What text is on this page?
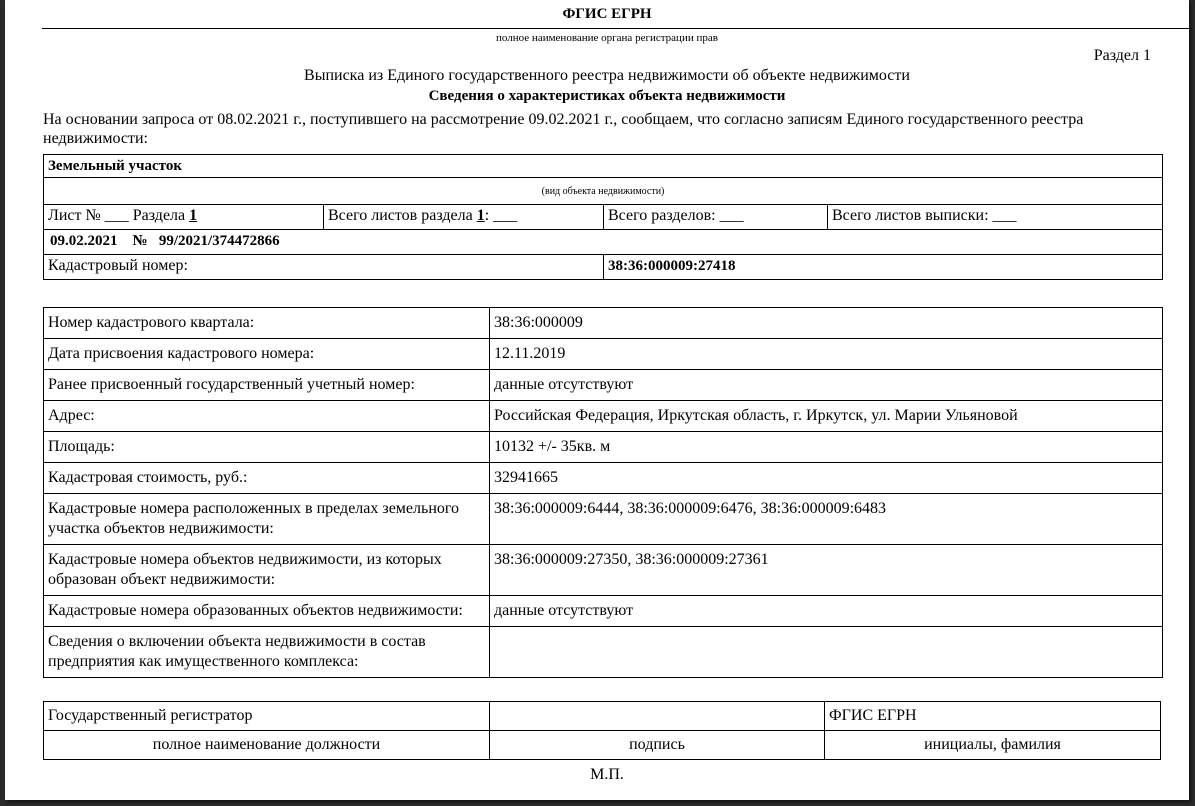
ФГИС ЕГРН
полное наименование органа регистрации прав
Раздел 1
Выписка из Единого государственного реестра недвижимости об объекте недвижимости
Сведения о характеристиках объекта недвижимости
На основании запроса от 08.02.2021 г., поступившего на рассмотрение 09.02.2021 г., сообщаем, что согласно записям Единого государственного реестра недвижимости:
Земельный участок			
(вид объекта недвижимости)			
Лист № ___ Раздела 1	Всего листов раздела 1: ___	Всего разделов: ___	Всего листов выписки: ___
09.02.2021 № 99/2021/374472866			
Кадастровый номер:		38:36:000009:27418	
Номер кадастрового квартала:	38:36:000009
Дата присвоения кадастрового номера:	12.11.2019
Ранее присвоенный государственный учетный номер:	данные отсутствуют
Адрес:	Российская Федерация, Иркутская область, г. Иркутск, ул. Марии Ульяновой
Площадь:	10132 +/- 35кв. м
Кадастровая стоимость, руб.:	32941665
Кадастровые номера расположенных в пределах земельного участка объектов недвижимости:	38:36:000009:6444, 38:36:000009:6476, 38:36:000009:6483
Кадастровые номера объектов недвижимости, из которых образован объект недвижимости:	38:36:000009:27350, 38:36:000009:27361
Кадастровые номера образованных объектов недвижимости:	данные отсутствуют
Сведения о включении объекта недвижимости в состав предприятия как имущественного комплекса:	
Государственный регистратор		ФГИС ЕГРН
полное наименование должности	подпись	инициалы, фамилия
М.П.
